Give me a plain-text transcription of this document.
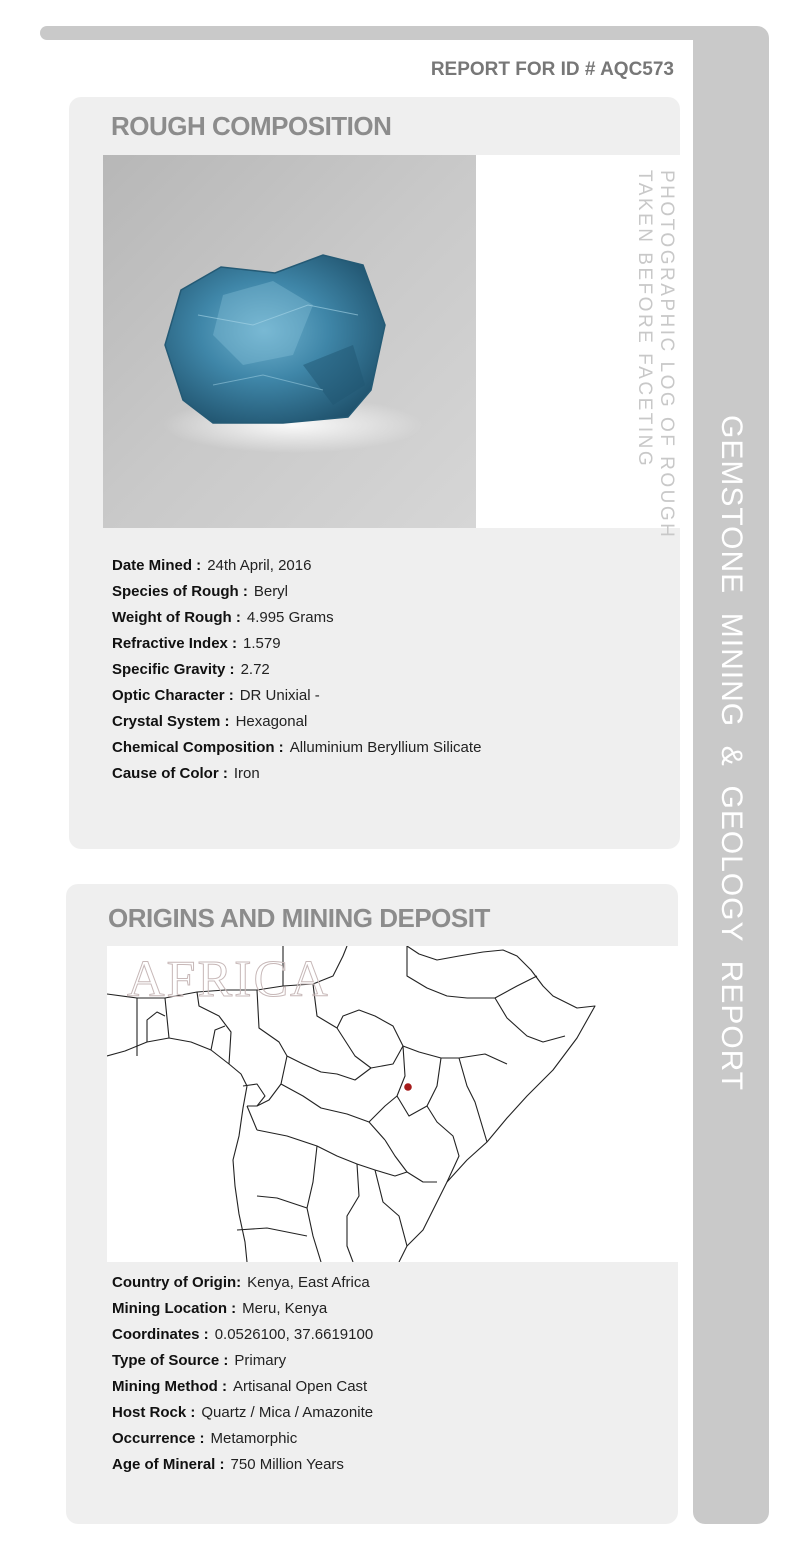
GEMSTONE  MINING  &  GEOLOGY  REPORT
REPORT FOR ID # AQC573
ROUGH COMPOSITION
PHOTOGRAPHIC LOG OF ROUGH
TAKEN BEFORE FACETING
Date Mined : 24th April, 2016
Species of Rough : Beryl
Weight of Rough : 4.995 Grams
Refractive Index : 1.579
Specific Gravity : 2.72
Optic Character : DR Unixial -
Crystal System : Hexagonal
Chemical Composition : Alluminium Beryllium Silicate
Cause of Color : Iron
ORIGINS AND MINING DEPOSIT
AFRICA
Country of Origin: Kenya, East Africa
Mining Location : Meru, Kenya
Coordinates : 0.0526100, 37.6619100
Type of Source : Primary
Mining Method : Artisanal Open Cast
Host Rock : Quartz / Mica / Amazonite
Occurrence : Metamorphic
Age of Mineral : 750 Million Years
